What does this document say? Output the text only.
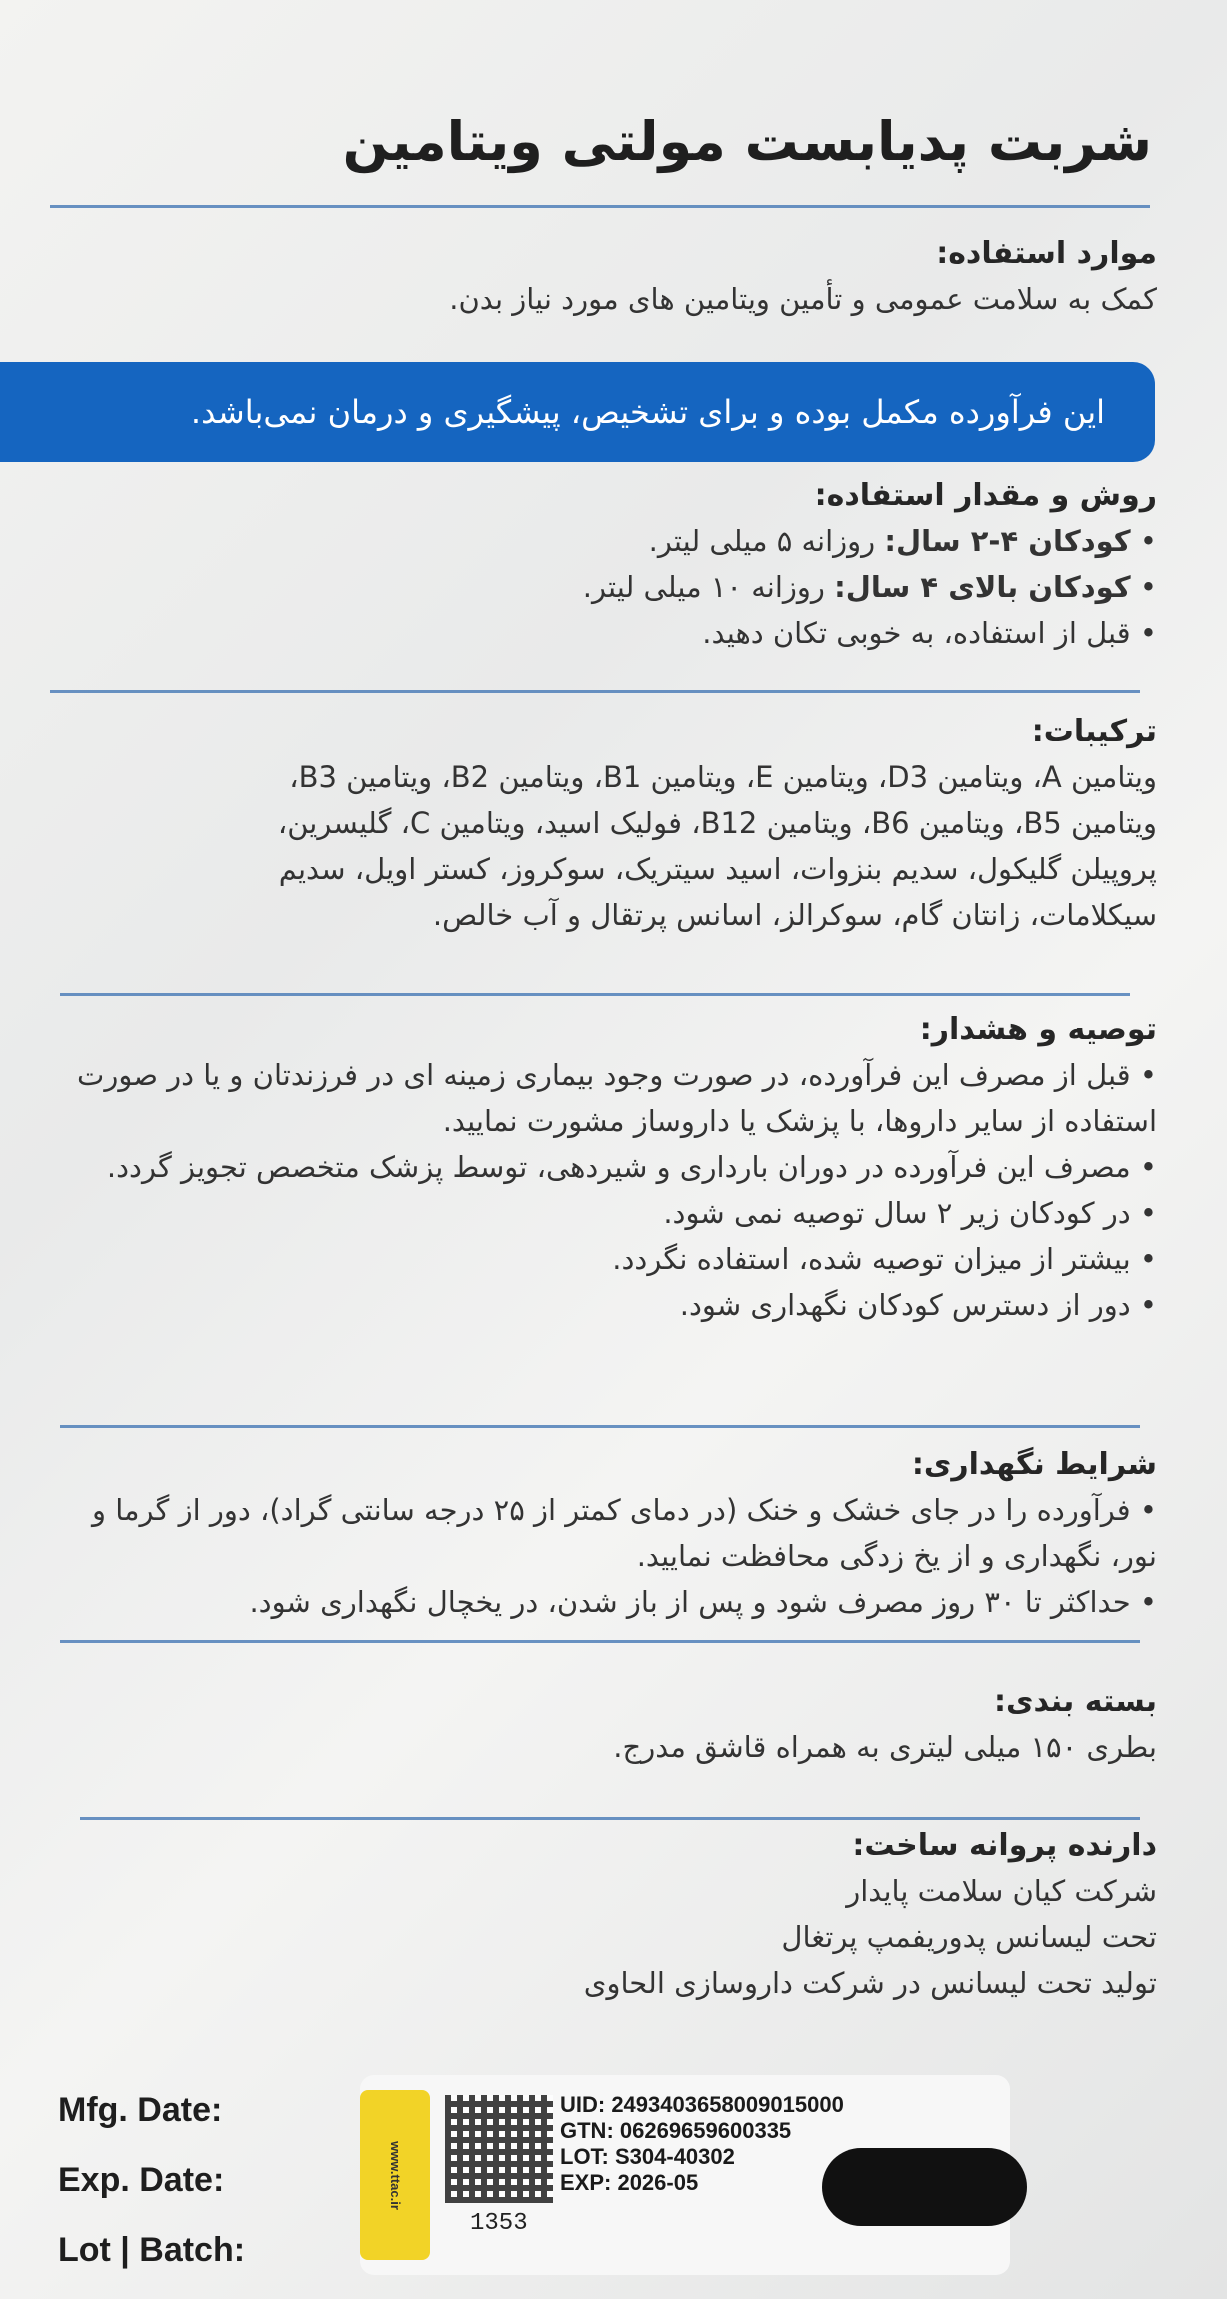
شربت پدیابست مولتی ویتامین
موارد استفاده:
کمک به سلامت عمومی و تأمین ویتامین های مورد نیاز بدن.
این فرآورده مکمل بوده و برای تشخیص، پیشگیری و درمان نمی‌باشد.
روش و مقدار استفاده:
• کودکان ۴-۲ سال: روزانه ۵ میلی لیتر.
• کودکان بالای ۴ سال: روزانه ۱۰ میلی لیتر.
• قبل از استفاده، به خوبی تکان دهید.
ترکیبات:
ویتامین A، ویتامین D3، ویتامین E، ویتامین B1، ویتامین B2، ویتامین B3،
ویتامین B5، ویتامین B6، ویتامین B12، فولیک اسید، ویتامین C، گلیسرین،
پروپیلن گلیکول، سدیم بنزوات، اسید سیتریک، سوکروز، کستر اویل، سدیم
سیکلامات، زانتان گام، سوکرالز، اسانس پرتقال و آب خالص.
توصیه و هشدار:
• قبل از مصرف این فرآورده، در صورت وجود بیماری زمینه ای در فرزندتان و یا در صورت استفاده از سایر داروها، با پزشک یا داروساز مشورت نمایید.
• مصرف این فرآورده در دوران بارداری و شیردهی، توسط پزشک متخصص تجویز گردد.
• در کودکان زیر ۲ سال توصیه نمی شود.
• بیشتر از میزان توصیه شده، استفاده نگردد.
• دور از دسترس کودکان نگهداری شود.
شرایط نگهداری:
• فرآورده را در جای خشک و خنک (در دمای کمتر از ۲۵ درجه سانتی گراد)، دور از گرما و نور، نگهداری و از یخ زدگی محافظت نمایید.
• حداکثر تا ۳۰ روز مصرف شود و پس از باز شدن، در یخچال نگهداری شود.
بسته بندی:
بطری ۱۵۰ میلی لیتری به همراه قاشق مدرج.
دارنده پروانه ساخت:
شرکت کیان سلامت پایدار
تحت لیسانس پدوریفمپ پرتغال
تولید تحت لیسانس در شرکت داروسازی الحاوی
Mfg. Date:
Exp. Date:
Lot | Batch:
www.ttac.ir
1353
UID: 2493403658009015000
GTN: 06269659600335
LOT: S304-40302
EXP: 2026-05
